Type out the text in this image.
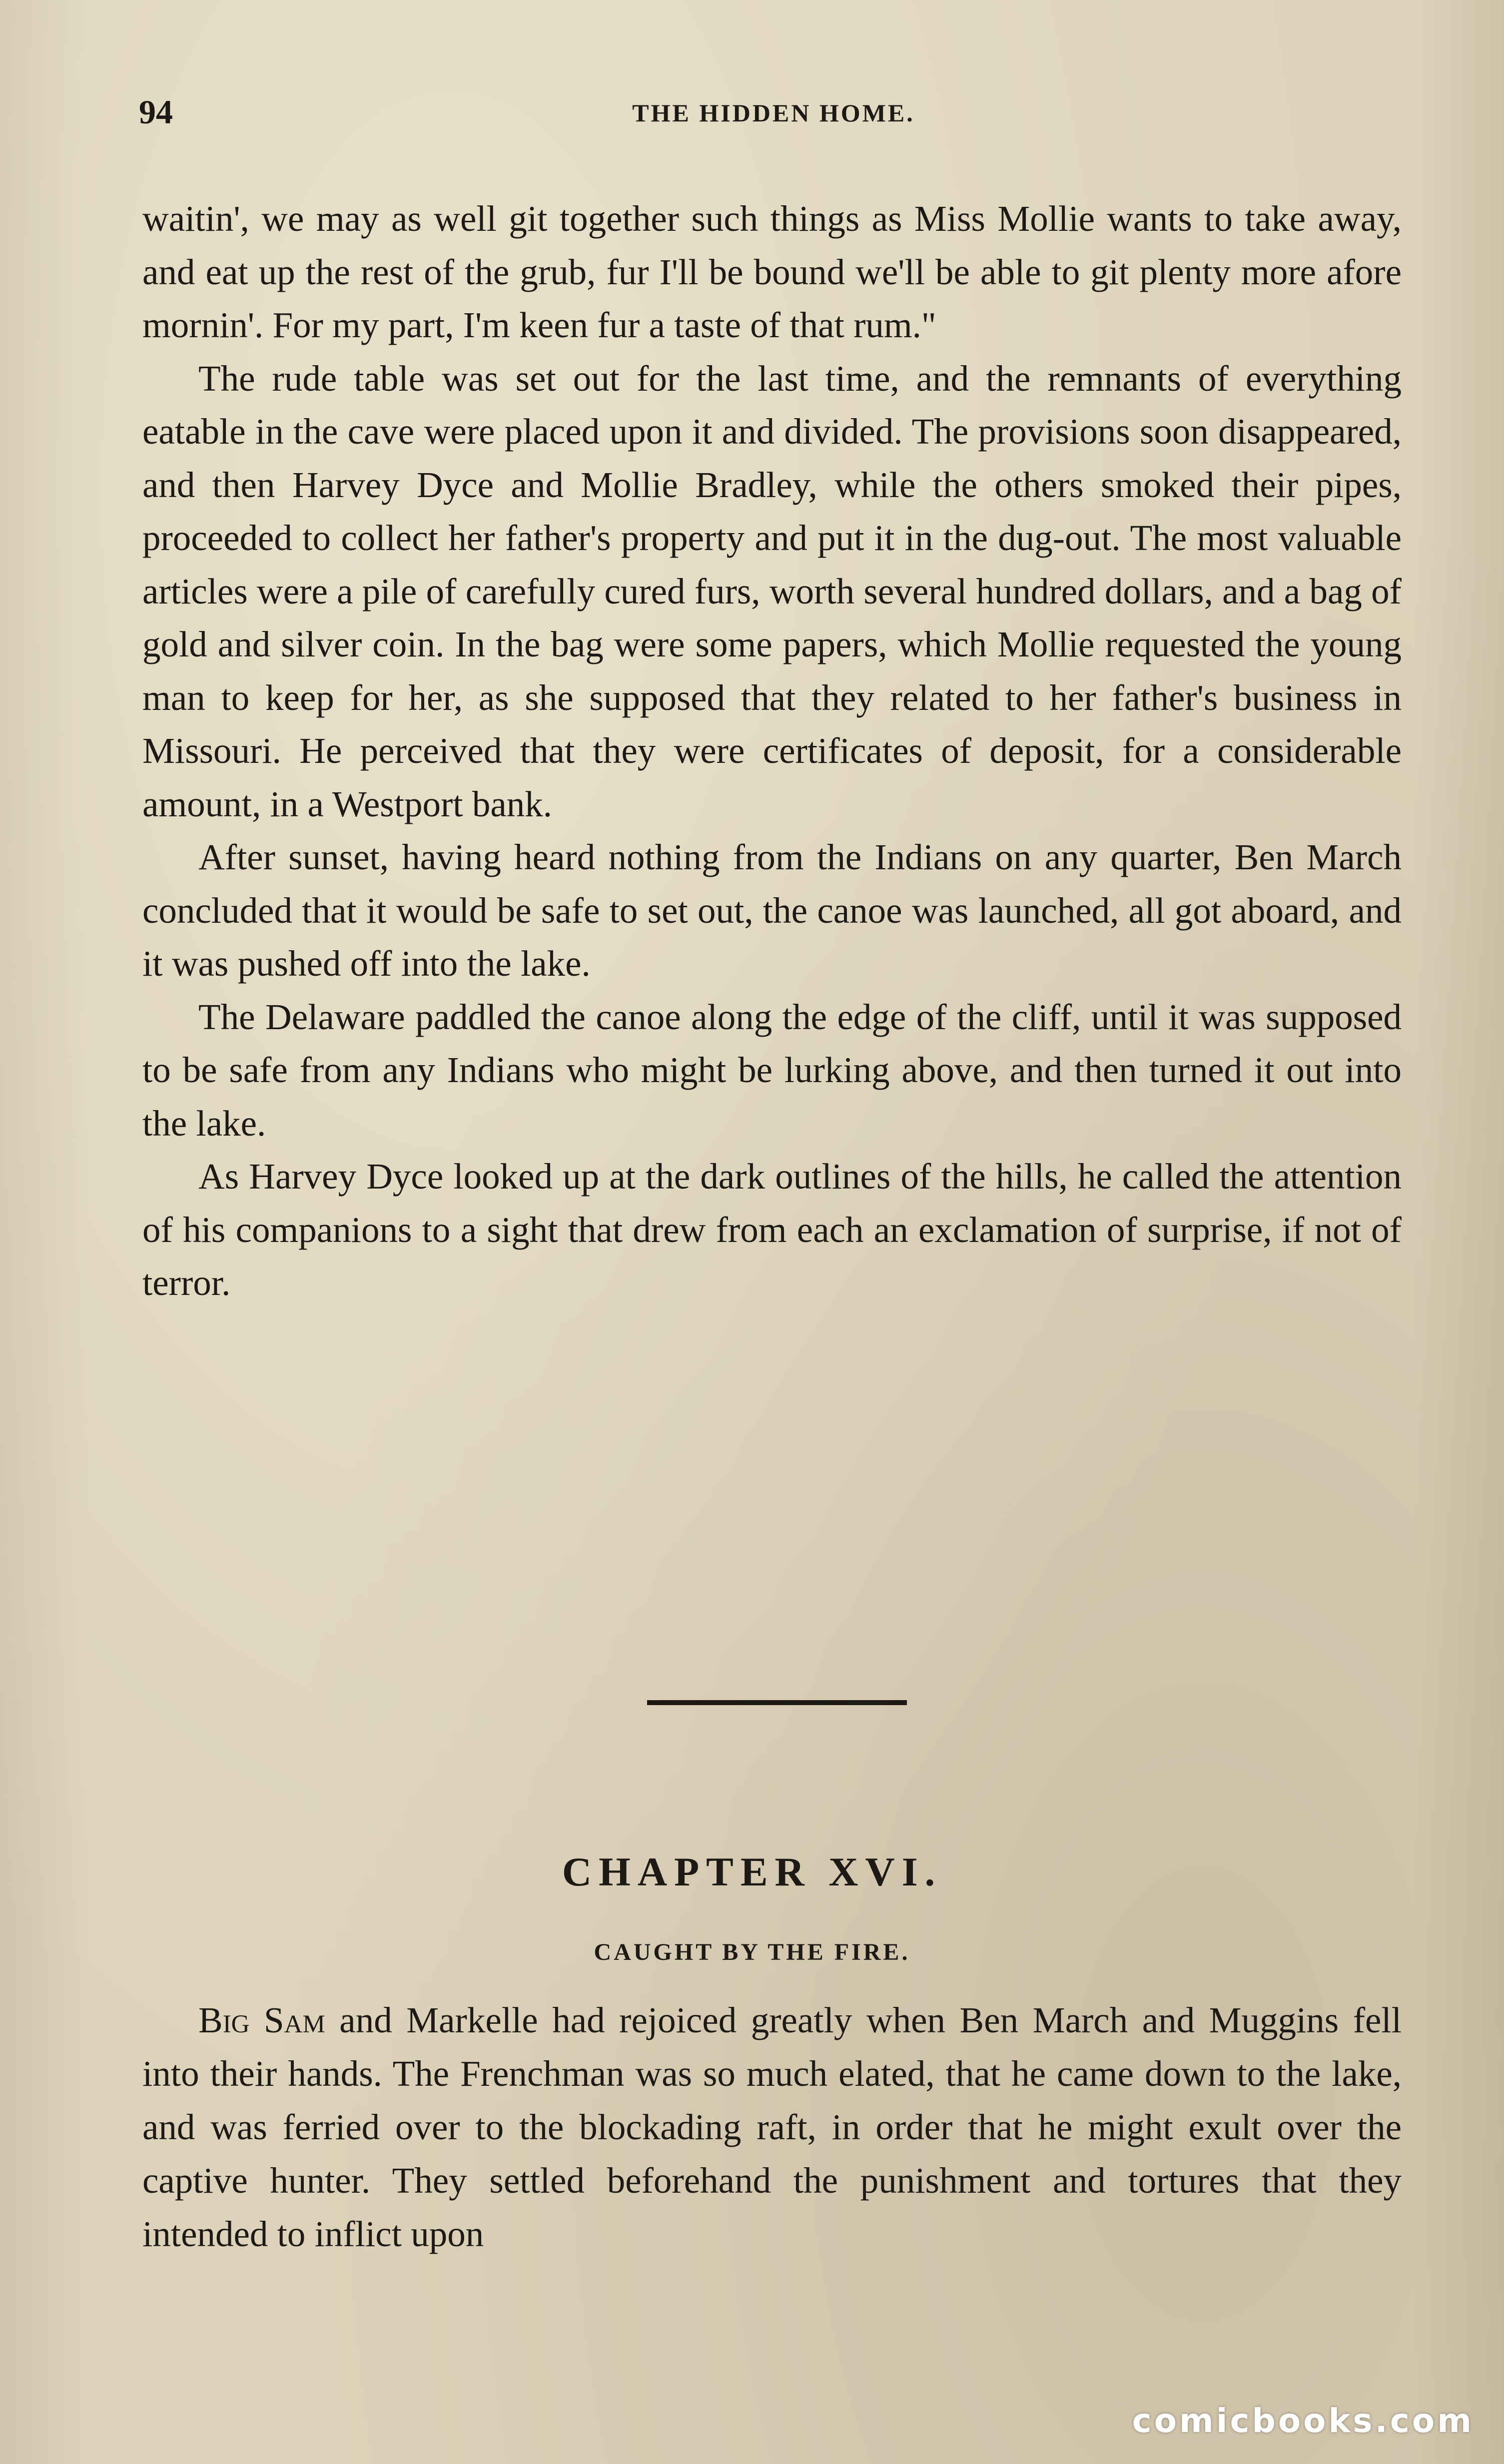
94	THE HIDDEN HOME.

waitin', we may as well git together such things as Miss Mollie wants to take away, and eat up the rest of the grub, fur I'll be bound we'll be able to git plenty more afore mornin'. For my part, I'm keen fur a taste of that rum."

The rude table was set out for the last time, and the remnants of everything eatable in the cave were placed upon it and divided. The provisions soon disappeared, and then Harvey Dyce and Mollie Bradley, while the others smoked their pipes, proceeded to collect her father's property and put it in the dug-out. The most valuable articles were a pile of carefully cured furs, worth several hundred dollars, and a bag of gold and silver coin. In the bag were some papers, which Mollie requested the young man to keep for her, as she supposed that they related to her father's business in Missouri. He perceived that they were certificates of deposit, for a considerable amount, in a Westport bank.

After sunset, having heard nothing from the Indians on any quarter, Ben March concluded that it would be safe to set out, the canoe was launched, all got aboard, and it was pushed off into the lake.

The Delaware paddled the canoe along the edge of the cliff, until it was supposed to be safe from any Indians who might be lurking above, and then turned it out into the lake.

As Harvey Dyce looked up at the dark outlines of the hills, he called the attention of his companions to a sight that drew from each an exclamation of surprise, if not of terror.

CHAPTER XVI.
CAUGHT BY THE FIRE.

Big Sam and Markelle had rejoiced greatly when Ben March and Muggins fell into their hands. The Frenchman was so much elated, that he came down to the lake, and was ferried over to the blockading raft, in order that he might exult over the captive hunter. They settled beforehand the punishment and tortures that they intended to inflict upon

comicbooks.com
